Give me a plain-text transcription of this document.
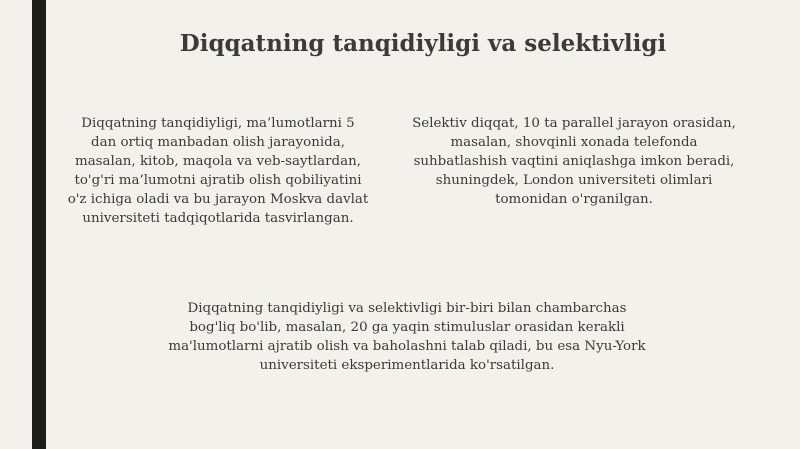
Diqqatning tanqidiyligi va selektivligi

Diqqatning tanqidiyligi, ma’lumotlarni 5
dan ortiq manbadan olish jarayonida,
masalan, kitob, maqola va veb-saytlardan,
to'g'ri ma’lumotni ajratib olish qobiliyatini
o'z ichiga oladi va bu jarayon Moskva davlat
universiteti tadqiqotlarida tasvirlangan.

Selektiv diqqat, 10 ta parallel jarayon orasidan,
masalan, shovqinli xonada telefonda
suhbatlashish vaqtini aniqlashga imkon beradi,
shuningdek, London universiteti olimlari
tomonidan o'rganilgan.

Diqqatning tanqidiyligi va selektivligi bir-biri bilan chambarchas
bog'liq bo'lib, masalan, 20 ga yaqin stimuluslar orasidan kerakli
ma'lumotlarni ajratib olish va baholashni talab qiladi, bu esa Nyu-York
universiteti eksperimentlarida ko'rsatilgan.
